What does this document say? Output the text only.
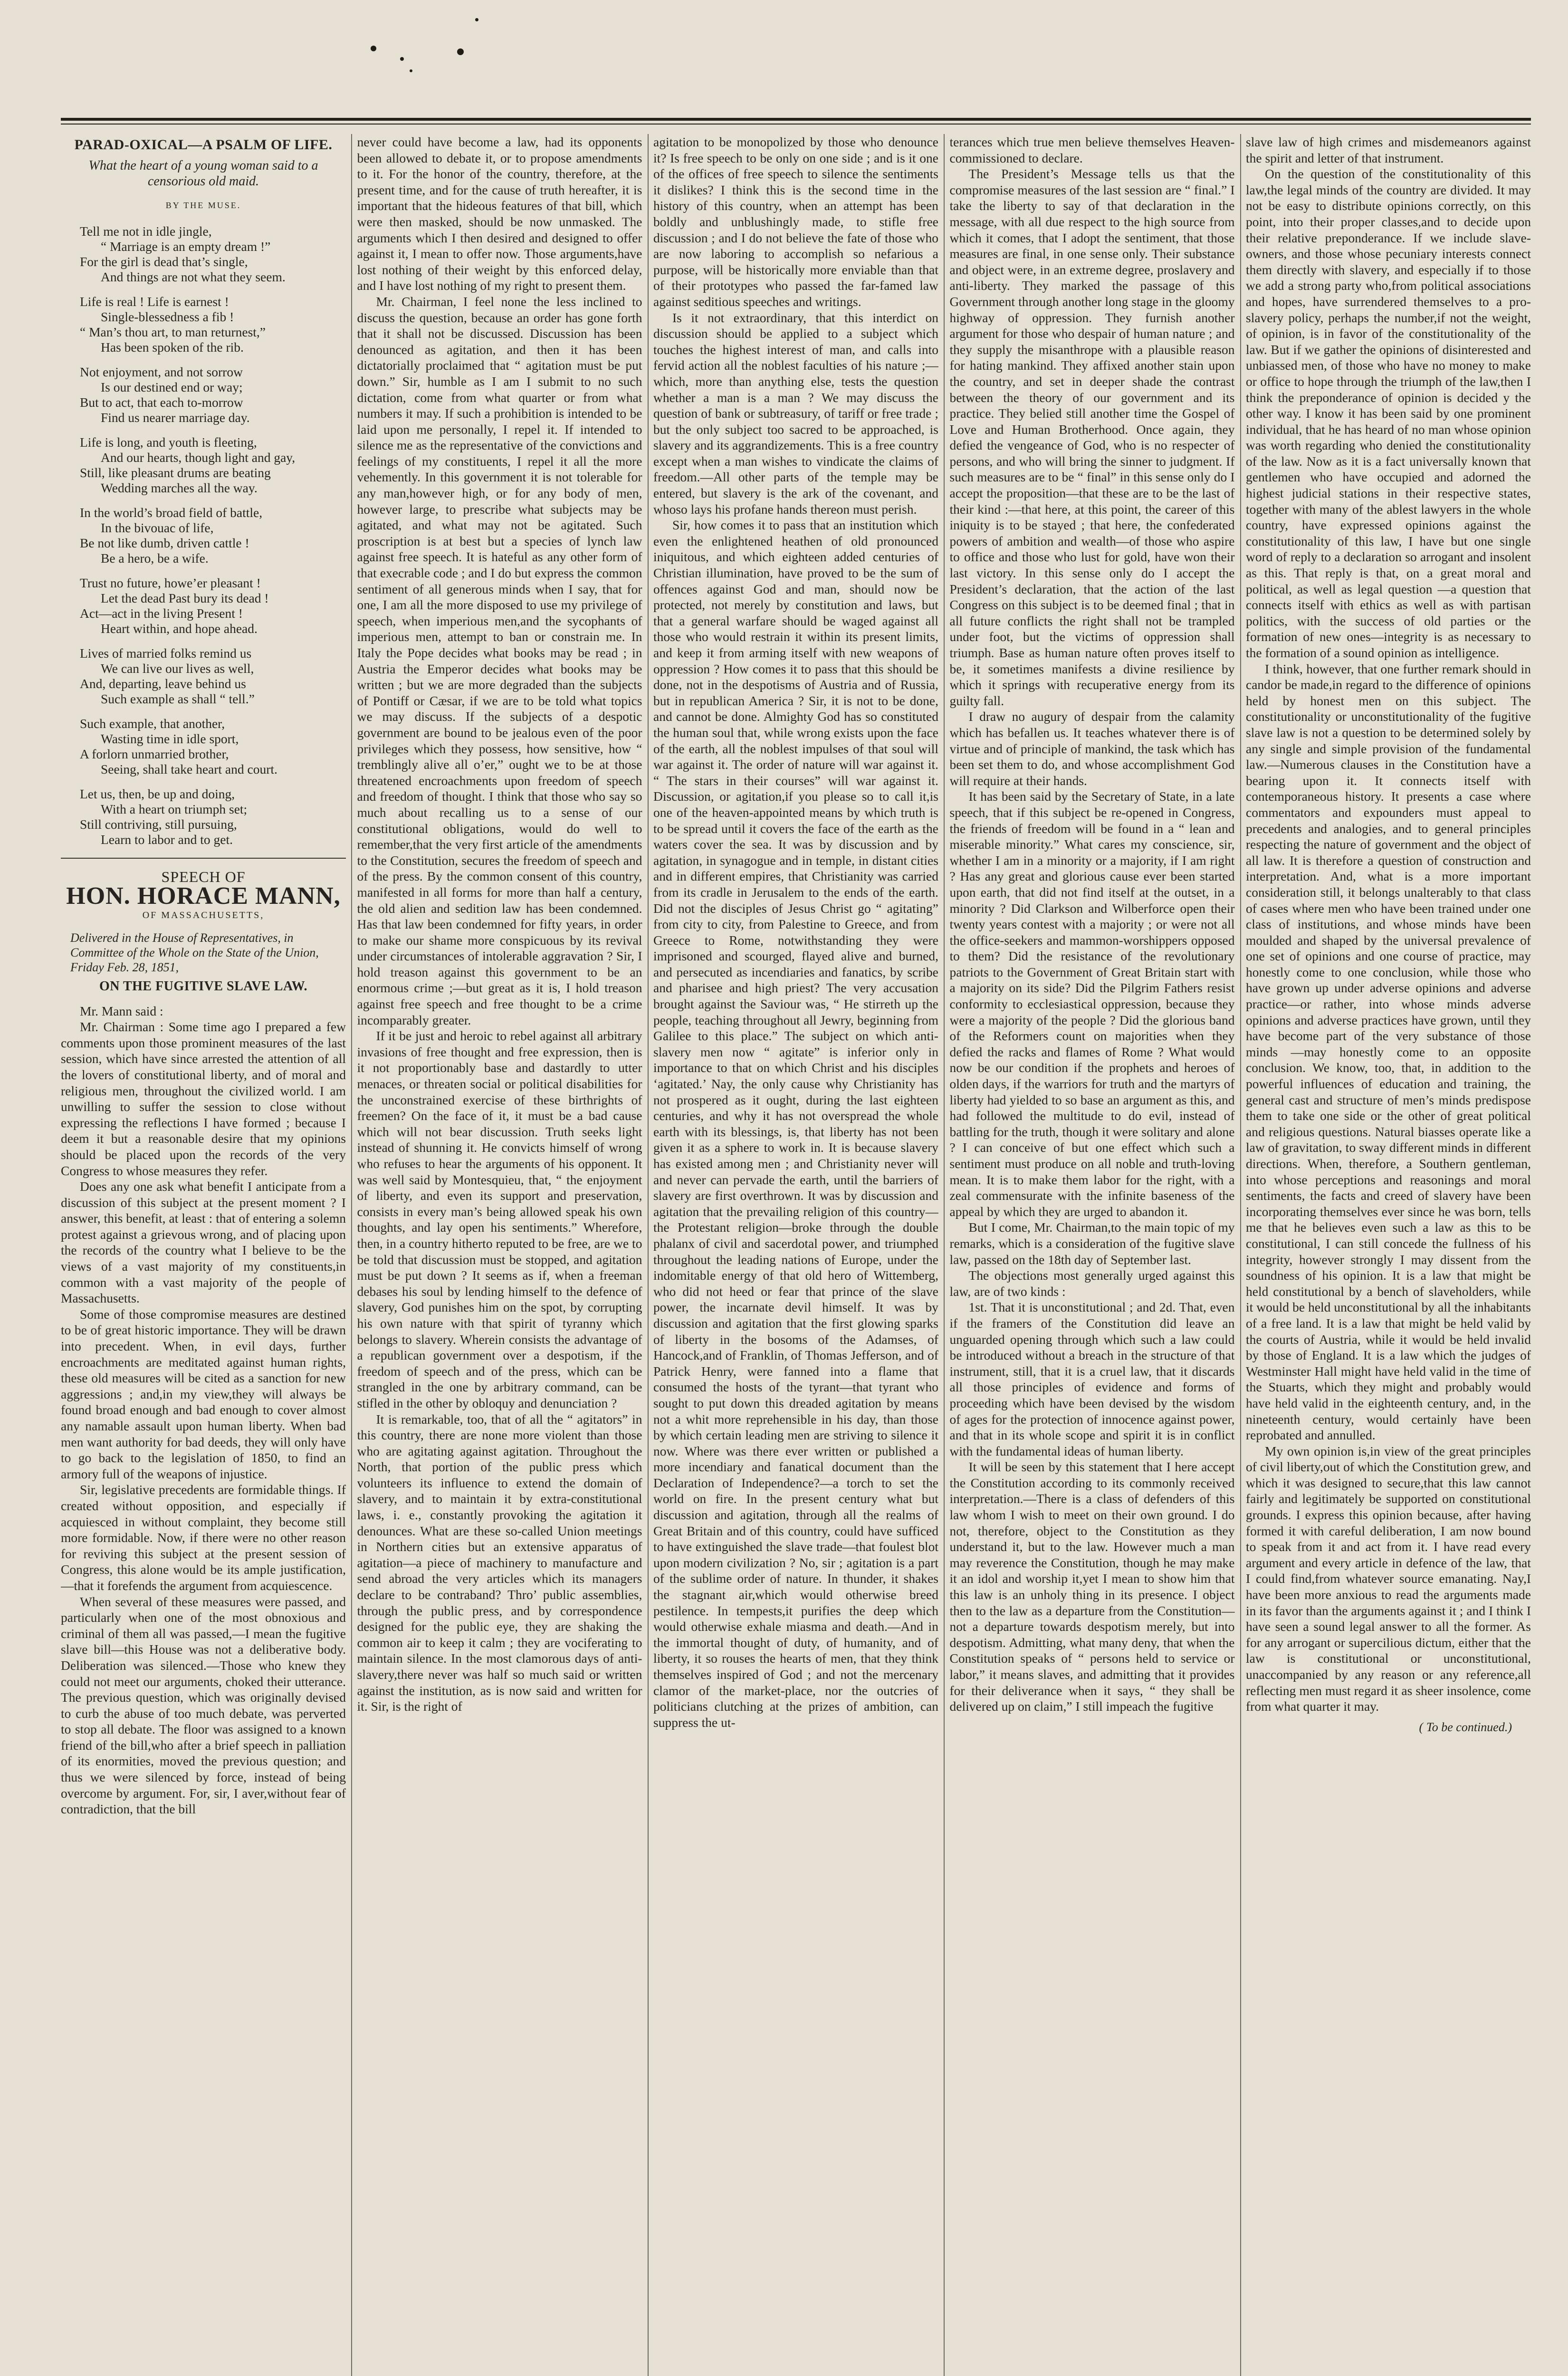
PARAD-OXICAL—A PSALM OF LIFE.
What the heart of a young woman said to a censorious old maid.
BY THE MUSE.
Tell me not in idle jingle,
“ Marriage is an empty dream !”
For the girl is dead that’s single,
And things are not what they seem.
Life is real ! Life is earnest !
Single-blessedness a fib !
“ Man’s thou art, to man returnest,”
Has been spoken of the rib.
Not enjoyment, and not sorrow
Is our destined end or way;
But to act, that each to-morrow
Find us nearer marriage day.
Life is long, and youth is fleeting,
And our hearts, though light and gay,
Still, like pleasant drums are beating
Wedding marches all the way.
In the world’s broad field of battle,
In the bivouac of life,
Be not like dumb, driven cattle !
Be a hero, be a wife.
Trust no future, howe’er pleasant !
Let the dead Past bury its dead !
Act—act in the living Present !
Heart within, and hope ahead.
Lives of married folks remind us
We can live our lives as well,
And, departing, leave behind us
Such example as shall “ tell.”
Such example, that another,
Wasting time in idle sport,
A forlorn unmarried brother,
Seeing, shall take heart and court.
Let us, then, be up and doing,
With a heart on triumph set;
Still contriving, still pursuing,
Learn to labor and to get.
SPEECH OF
HON. HORACE MANN,
OF MASSACHUSETTS,
Delivered in the House of Representatives, in Committee of the Whole on the State of the Union, Friday Feb. 28, 1851,
ON THE FUGITIVE SLAVE LAW.

Mr. Mann said :

Mr. Chairman : Some time ago I prepared a few comments upon those prominent measures of the last session, which have since arrested the attention of all the lovers of constitutional liberty, and of moral and religious men, throughout the civilized world. I am unwilling to suffer the session to close without expressing the reflections I have formed ; because I deem it but a reasonable desire that my opinions should be placed upon the records of the very Congress to whose measures they refer.

Does any one ask what benefit I anticipate from a discussion of this subject at the present moment ? I answer, this benefit, at least : that of entering a solemn protest against a grievous wrong, and of placing upon the records of the country what I believe to be the views of a vast majority of my constituents,in common with a vast majority of the people of Massachusetts.

Some of those compromise measures are destined to be of great historic importance. They will be drawn into precedent. When, in evil days, further encroachments are meditated against human rights, these old measures will be cited as a sanction for new aggressions ; and,in my view,they will always be found broad enough and bad enough to cover almost any namable assault upon human liberty. When bad men want authority for bad deeds, they will only have to go back to the legislation of 1850, to find an armory full of the weapons of injustice.

Sir, legislative precedents are formidable things. If created without opposition, and especially if acquiesced in without complaint, they become still more formidable. Now, if there were no other reason for reviving this subject at the present session of Congress, this alone would be its ample justification,—that it forefends the argument from acquiescence.

When several of these measures were passed, and particularly when one of the most obnoxious and criminal of them all was passed,—I mean the fugitive slave bill—this House was not a deliberative body. Deliberation was silenced.—Those who knew they could not meet our arguments, choked their utterance. The previous question, which was originally devised to curb the abuse of too much debate, was perverted to stop all debate. The floor was assigned to a known friend of the bill,who after a brief speech in palliation of its enormities, moved the previous question; and thus we were silenced by force, instead of being overcome by argument. For, sir, I aver,without fear of contradiction, that the bill

never could have become a law, had its opponents been allowed to debate it, or to propose amendments to it. For the honor of the country, therefore, at the present time, and for the cause of truth hereafter, it is important that the hideous features of that bill, which were then masked, should be now unmasked. The arguments which I then desired and designed to offer against it, I mean to offer now. Those arguments,have lost nothing of their weight by this enforced delay, and I have lost nothing of my right to present them.

Mr. Chairman, I feel none the less inclined to discuss the question, because an order has gone forth that it shall not be discussed. Discussion has been denounced as agitation, and then it has been dictatorially proclaimed that “ agitation must be put down.” Sir, humble as I am I submit to no such dictation, come from what quarter or from what numbers it may. If such a prohibition is intended to be laid upon me personally, I repel it. If intended to silence me as the representative of the convictions and feelings of my constituents, I repel it all the more vehemently. In this government it is not tolerable for any man,however high, or for any body of men, however large, to prescribe what subjects may be agitated, and what may not be agitated. Such proscription is at best but a species of lynch law against free speech. It is hateful as any other form of that execrable code ; and I do but express the common sentiment of all generous minds when I say, that for one, I am all the more disposed to use my privilege of speech, when imperious men,and the sycophants of imperious men, attempt to ban or constrain me. In Italy the Pope decides what books may be read ; in Austria the Emperor decides what books may be written ; but we are more degraded than the subjects of Pontiff or Cæsar, if we are to be told what topics we may discuss. If the subjects of a despotic government are bound to be jealous even of the poor privileges which they possess, how sensitive, how “ tremblingly alive all o’er,” ought we to be at those threatened encroachments upon freedom of speech and freedom of thought. I think that those who say so much about recalling us to a sense of our constitutional obligations, would do well to remember,that the very first article of the amendments to the Constitution, secures the freedom of speech and of the press. By the common consent of this country, manifested in all forms for more than half a century, the old alien and sedition law has been condemned. Has that law been condemned for fifty years, in order to make our shame more conspicuous by its revival under circumstances of intolerable aggravation ? Sir, I hold treason against this government to be an enormous crime ;—but great as it is, I hold treason against free speech and free thought to be a crime incomparably greater.

If it be just and heroic to rebel against all arbitrary invasions of free thought and free expression, then is it not proportionably base and dastardly to utter menaces, or threaten social or political disabilities for the unconstrained exercise of these birthrights of freemen? On the face of it, it must be a bad cause which will not bear discussion. Truth seeks light instead of shunning it. He convicts himself of wrong who refuses to hear the arguments of his opponent. It was well said by Montesquieu, that, “ the enjoyment of liberty, and even its support and preservation, consists in every man’s being allowed speak his own thoughts, and lay open his sentiments.” Wherefore, then, in a country hitherto reputed to be free, are we to be told that discussion must be stopped, and agitation must be put down ? It seems as if, when a freeman debases his soul by lending himself to the defence of slavery, God punishes him on the spot, by corrupting his own nature with that spirit of tyranny which belongs to slavery. Wherein consists the advantage of a republican government over a despotism, if the freedom of speech and of the press, which can be strangled in the one by arbitrary command, can be stifled in the other by obloquy and denunciation ?

It is remarkable, too, that of all the “ agitators” in this country, there are none more violent than those who are agitating against agitation. Throughout the North, that portion of the public press which volunteers its influence to extend the domain of slavery, and to maintain it by extra-constitutional laws, i. e., constantly provoking the agitation it denounces. What are these so-called Union meetings in Northern cities but an extensive apparatus of agitation—a piece of machinery to manufacture and send abroad the very articles which its managers declare to be contraband? Thro’ public assemblies, through the public press, and by correspondence designed for the public eye, they are shaking the common air to keep it calm ; they are vociferating to maintain silence. In the most clamorous days of anti-slavery,there never was half so much said or written against the institution, as is now said and written for it. Sir, is the right of

agitation to be monopolized by those who denounce it? Is free speech to be only on one side ; and is it one of the offices of free speech to silence the sentiments it dislikes? I think this is the second time in the history of this country, when an attempt has been boldly and unblushingly made, to stifle free discussion ; and I do not believe the fate of those who are now laboring to accomplish so nefarious a purpose, will be historically more enviable than that of their prototypes who passed the far-famed law against seditious speeches and writings.

Is it not extraordinary, that this interdict on discussion should be applied to a subject which touches the highest interest of man, and calls into fervid action all the noblest faculties of his nature ;—which, more than anything else, tests the question whether a man is a man ? We may discuss the question of bank or subtreasury, of tariff or free trade ; but the only subject too sacred to be approached, is slavery and its aggrandizements. This is a free country except when a man wishes to vindicate the claims of freedom.—All other parts of the temple may be entered, but slavery is the ark of the covenant, and whoso lays his profane hands thereon must perish.

Sir, how comes it to pass that an institution which even the enlightened heathen of old pronounced iniquitous, and which eighteen added centuries of Christian illumination, have proved to be the sum of offences against God and man, should now be protected, not merely by constitution and laws, but that a general warfare should be waged against all those who would restrain it within its present limits, and keep it from arming itself with new weapons of oppression ? How comes it to pass that this should be done, not in the despotisms of Austria and of Russia, but in republican America ? Sir, it is not to be done, and cannot be done. Almighty God has so constituted the human soul that, while wrong exists upon the face of the earth, all the noblest impulses of that soul will war against it. The order of nature will war against it. “ The stars in their courses” will war against it. Discussion, or agitation,if you please so to call it,is one of the heaven-appointed means by which truth is to be spread until it covers the face of the earth as the waters cover the sea. It was by discussion and by agitation, in synagogue and in temple, in distant cities and in different empires, that Christianity was carried from its cradle in Jerusalem to the ends of the earth. Did not the disciples of Jesus Christ go “ agitating” from city to city, from Palestine to Greece, and from Greece to Rome, notwithstanding they were imprisoned and scourged, flayed alive and burned, and persecuted as incendiaries and fanatics, by scribe and pharisee and high priest? The very accusation brought against the Saviour was, “ He stirreth up the people, teaching throughout all Jewry, beginning from Galilee to this place.” The subject on which anti-slavery men now “ agitate” is inferior only in importance to that on which Christ and his disciples ‘agitated.’ Nay, the only cause why Christianity has not prospered as it ought, during the last eighteen centuries, and why it has not overspread the whole earth with its blessings, is, that liberty has not been given it as a sphere to work in. It is because slavery has existed among men ; and Christianity never will and never can pervade the earth, until the barriers of slavery are first overthrown. It was by discussion and agitation that the prevailing religion of this country—the Protestant religion—broke through the double phalanx of civil and sacerdotal power, and triumphed throughout the leading nations of Europe, under the indomitable energy of that old hero of Wittemberg, who did not heed or fear that prince of the slave power, the incarnate devil himself. It was by discussion and agitation that the first glowing sparks of liberty in the bosoms of the Adamses, of Hancock,and of Franklin, of Thomas Jefferson, and of Patrick Henry, were fanned into a flame that consumed the hosts of the tyrant—that tyrant who sought to put down this dreaded agitation by means not a whit more reprehensible in his day, than those by which certain leading men are striving to silence it now. Where was there ever written or published a more incendiary and fanatical document than the Declaration of Independence?—a torch to set the world on fire. In the present century what but discussion and agitation, through all the realms of Great Britain and of this country, could have sufficed to have extinguished the slave trade—that foulest blot upon modern civilization ? No, sir ; agitation is a part of the sublime order of nature. In thunder, it shakes the stagnant air,which would otherwise breed pestilence. In tempests,it purifies the deep which would otherwise exhale miasma and death.—And in the immortal thought of duty, of humanity, and of liberty, it so rouses the hearts of men, that they think themselves inspired of God ; and not the mercenary clamor of the market-place, nor the outcries of politicians clutching at the prizes of ambition, can suppress the ut-

terances which true men believe themselves Heaven-commissioned to declare.

The President’s Message tells us that the compromise measures of the last session are “ final.” I take the liberty to say of that declaration in the message, with all due respect to the high source from which it comes, that I adopt the sentiment, that those measures are final, in one sense only. Their substance and object were, in an extreme degree, proslavery and anti-liberty. They marked the passage of this Government through another long stage in the gloomy highway of oppression. They furnish another argument for those who despair of human nature ; and they supply the misanthrope with a plausible reason for hating mankind. They affixed another stain upon the country, and set in deeper shade the contrast between the theory of our government and its practice. They belied still another time the Gospel of Love and Human Brotherhood. Once again, they defied the vengeance of God, who is no respecter of persons, and who will bring the sinner to judgment. If such measures are to be “ final” in this sense only do I accept the proposition—that these are to be the last of their kind :—that here, at this point, the career of this iniquity is to be stayed ; that here, the confederated powers of ambition and wealth—of those who aspire to office and those who lust for gold, have won their last victory. In this sense only do I accept the President’s declaration, that the action of the last Congress on this subject is to be deemed final ; that in all future conflicts the right shall not be trampled under foot, but the victims of oppression shall triumph. Base as human nature often proves itself to be, it sometimes manifests a divine resilience by which it springs with recuperative energy from its guilty fall.

I draw no augury of despair from the calamity which has befallen us. It teaches whatever there is of virtue and of principle of mankind, the task which has been set them to do, and whose accomplishment God will require at their hands.

It has been said by the Secretary of State, in a late speech, that if this subject be re-opened in Congress, the friends of freedom will be found in a “ lean and miserable minority.” What cares my conscience, sir, whether I am in a minority or a majority, if I am right ? Has any great and glorious cause ever been started upon earth, that did not find itself at the outset, in a minority ? Did Clarkson and Wilberforce open their twenty years contest with a majority ; or were not all the office-seekers and mammon-worshippers opposed to them? Did the resistance of the revolutionary patriots to the Government of Great Britain start with a majority on its side? Did the Pilgrim Fathers resist conformity to ecclesiastical oppression, because they were a majority of the people ? Did the glorious band of the Reformers count on majorities when they defied the racks and flames of Rome ? What would now be our condition if the prophets and heroes of olden days, if the warriors for truth and the martyrs of liberty had yielded to so base an argument as this, and had followed the multitude to do evil, instead of battling for the truth, though it were solitary and alone ? I can conceive of but one effect which such a sentiment must produce on all noble and truth-loving mean. It is to make them labor for the right, with a zeal commensurate with the infinite baseness of the appeal by which they are urged to abandon it.

But I come, Mr. Chairman,to the main topic of my remarks, which is a consideration of the fugitive slave law, passed on the 18th day of September last.

The objections most generally urged against this law, are of two kinds :

1st. That it is unconstitutional ; and 2d. That, even if the framers of the Constitution did leave an unguarded opening through which such a law could be introduced without a breach in the structure of that instrument, still, that it is a cruel law, that it discards all those principles of evidence and forms of proceeding which have been devised by the wisdom of ages for the protection of innocence against power, and that in its whole scope and spirit it is in conflict with the fundamental ideas of human liberty.

It will be seen by this statement that I here accept the Constitution according to its commonly received interpretation.—There is a class of defenders of this law whom I wish to meet on their own ground. I do not, therefore, object to the Constitution as they understand it, but to the law. However much a man may reverence the Constitution, though he may make it an idol and worship it,yet I mean to show him that this law is an unholy thing in its presence. I object then to the law as a departure from the Constitution—not a departure towards despotism merely, but into despotism. Admitting, what many deny, that when the Constitution speaks of “ persons held to service or labor,” it means slaves, and admitting that it provides for their deliverance when it says, “ they shall be delivered up on claim,” I still impeach the fugitive

slave law of high crimes and misdemeanors against the spirit and letter of that instrument.

On the question of the constitutionality of this law,the legal minds of the country are divided. It may not be easy to distribute opinions correctly, on this point, into their proper classes,and to decide upon their relative preponderance. If we include slave-owners, and those whose pecuniary interests connect them directly with slavery, and especially if to those we add a strong party who,from political associations and hopes, have surrendered themselves to a pro-slavery policy, perhaps the number,if not the weight, of opinion, is in favor of the constitutionality of the law. But if we gather the opinions of disinterested and unbiassed men, of those who have no money to make or office to hope through the triumph of the law,then I think the preponderance of opinion is decided y the other way. I know it has been said by one prominent individual, that he has heard of no man whose opinion was worth regarding who denied the constitutionality of the law. Now as it is a fact universally known that gentlemen who have occupied and adorned the highest judicial stations in their respective states, together with many of the ablest lawyers in the whole country, have expressed opinions against the constitutionality of this law, I have but one single word of reply to a declaration so arrogant and insolent as this. That reply is that, on a great moral and political, as well as legal question —a question that connects itself with ethics as well as with partisan politics, with the success of old parties or the formation of new ones—integrity is as necessary to the formation of a sound opinion as intelligence.

I think, however, that one further remark should in candor be made,in regard to the difference of opinions held by honest men on this subject. The constitutionality or unconstitutionality of the fugitive slave law is not a question to be determined solely by any single and simple provision of the fundamental law.—Numerous clauses in the Constitution have a bearing upon it. It connects itself with contemporaneous history. It presents a case where commentators and expounders must appeal to precedents and analogies, and to general principles respecting the nature of government and the object of all law. It is therefore a question of construction and interpretation. And, what is a more important consideration still, it belongs unalterably to that class of cases where men who have been trained under one class of institutions, and whose minds have been moulded and shaped by the universal prevalence of one set of opinions and one course of practice, may honestly come to one conclusion, while those who have grown up under adverse opinions and adverse practice—or rather, into whose minds adverse opinions and adverse practices have grown, until they have become part of the very substance of those minds —may honestly come to an opposite conclusion. We know, too, that, in addition to the powerful influences of education and training, the general cast and structure of men’s minds predispose them to take one side or the other of great political and religious questions. Natural biasses operate like a law of gravitation, to sway different minds in different directions. When, therefore, a Southern gentleman, into whose perceptions and reasonings and moral sentiments, the facts and creed of slavery have been incorporating themselves ever since he was born, tells me that he believes even such a law as this to be constitutional, I can still concede the fullness of his integrity, however strongly I may dissent from the soundness of his opinion. It is a law that might be held constitutional by a bench of slaveholders, while it would be held unconstitutional by all the inhabitants of a free land. It is a law that might be held valid by the courts of Austria, while it would be held invalid by those of England. It is a law which the judges of Westminster Hall might have held valid in the time of the Stuarts, which they might and probably would have held valid in the eighteenth century, and, in the nineteenth century, would certainly have been reprobated and annulled.

My own opinion is,in view of the great principles of civil liberty,out of which the Constitution grew, and which it was designed to secure,that this law cannot fairly and legitimately be supported on constitutional grounds. I express this opinion because, after having formed it with careful deliberation, I am now bound to speak from it and act from it. I have read every argument and every article in defence of the law, that I could find,from whatever source emanating. Nay,I have been more anxious to read the arguments made in its favor than the arguments against it ; and I think I have seen a sound legal answer to all the former. As for any arrogant or supercilious dictum, either that the law is constitutional or unconstitutional, unaccompanied by any reason or any reference,all reflecting men must regard it as sheer insolence, come from what quarter it may.

( To be continued.)
